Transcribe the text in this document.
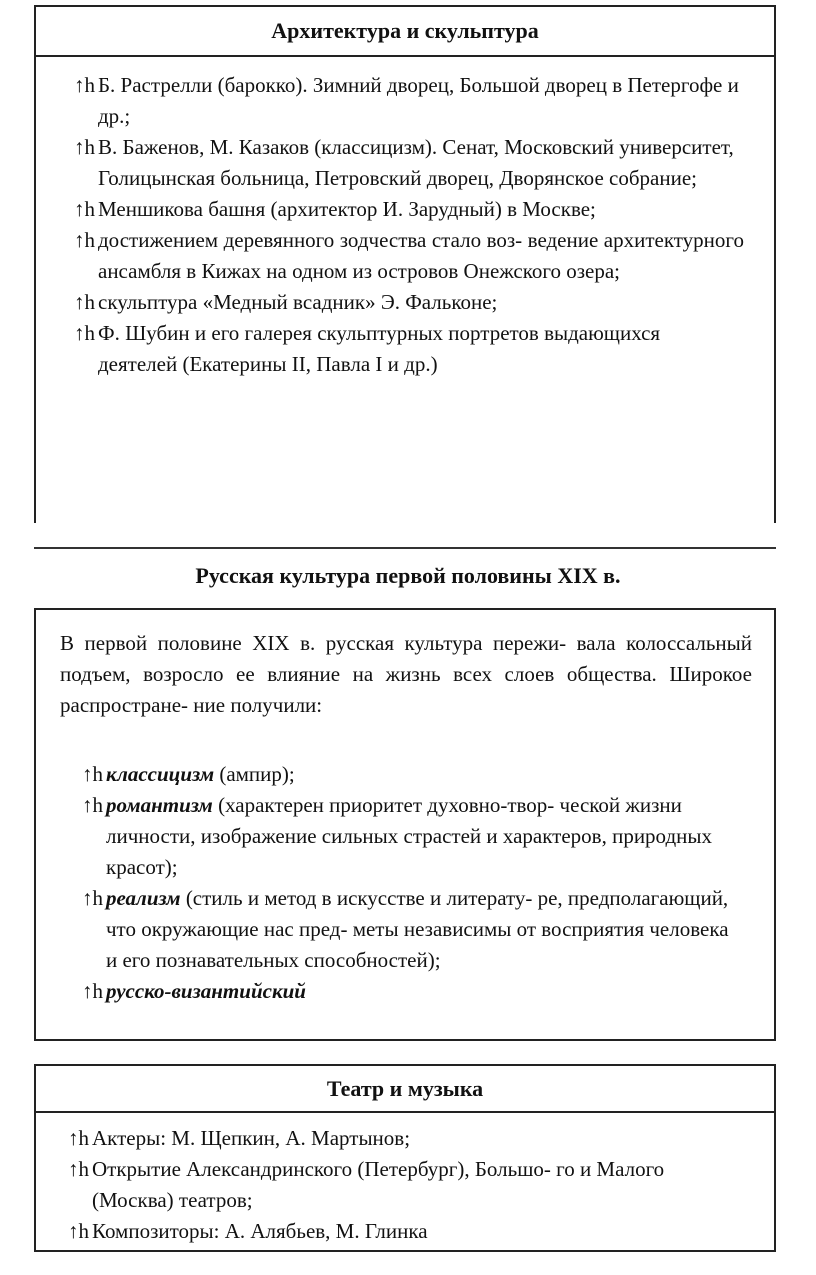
Архитектура и скульптура
↑h Б. Растрелли (барокко). Зимний дворец, Большой дворец в Петергофе и др.;
↑h В. Баженов, М. Казаков (классицизм). Сенат, Московский университет, Голицынская больница, Петровский дворец, Дворянское собрание;
↑h Меншикова башня (архитектор И. Зарудный) в Москве;
↑h достижением деревянного зодчества стало воз- ведение архитектурного ансамбля в Кижах на одном из островов Онежского озера;
↑h скульптура «Медный всадник» Э. Фальконе;
↑h Ф. Шубин и его галерея скульптурных портретов выдающихся деятелей (Екатерины II, Павла I и др.)
Русская культура первой половины XIX в.
В первой половине XIX в. русская культура пережи- вала колоссальный подъем, возросло ее влияние на жизнь всех слоев общества. Широкое распростране- ние получили:
↑h классицизм (ампир);
↑h романтизм (характерен приоритет духовно-твор- ческой жизни личности, изображение сильных страстей и характеров, природных красот);
↑h реализм (стиль и метод в искусстве и литерату- ре, предполагающий, что окружающие нас пред- меты независимы от восприятия человека и его познавательных способностей);
↑h русско-византийский
Театр и музыка
↑h Актеры: М. Щепкин, А. Мартынов;
↑h Открытие Александринского (Петербург), Большо- го и Малого (Москва) театров;
↑h Композиторы: А. Алябьев, М. Глинка
